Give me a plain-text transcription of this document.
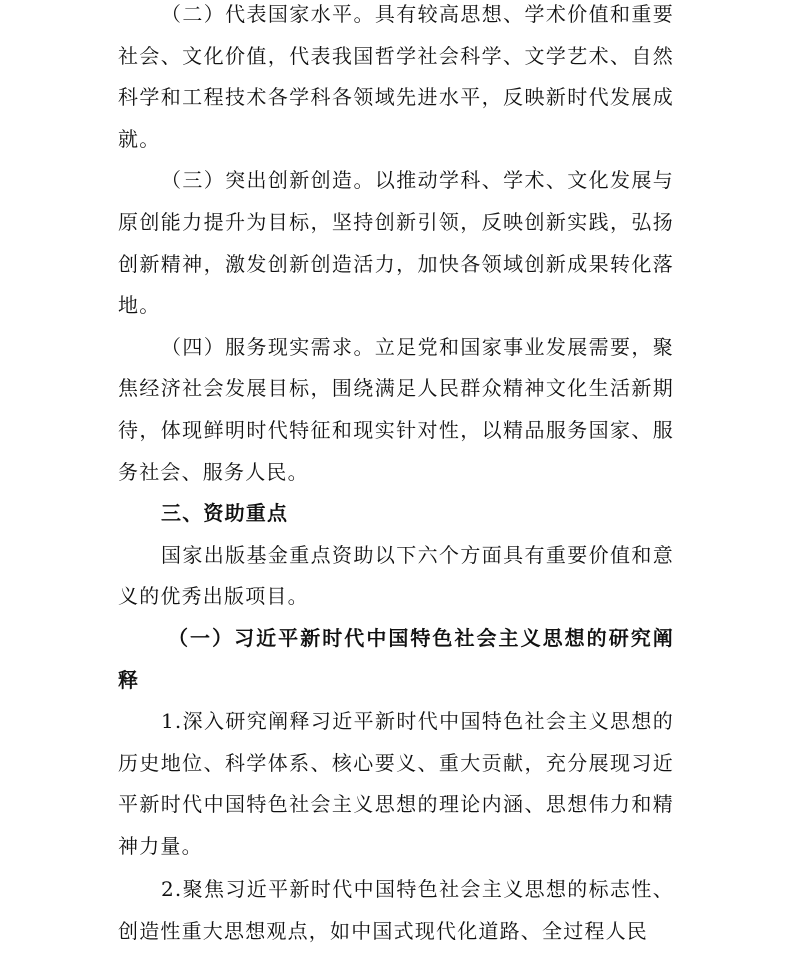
（二）代表国家水平。具有较高思想、学术价值和重要社会、文化价值，代表我国哲学社会科学、文学艺术、自然科学和工程技术各学科各领域先进水平，反映新时代发展成就。

（三）突出创新创造。以推动学科、学术、文化发展与原创能力提升为目标，坚持创新引领，反映创新实践，弘扬创新精神，激发创新创造活力，加快各领域创新成果转化落地。

（四）服务现实需求。立足党和国家事业发展需要，聚焦经济社会发展目标，围绕满足人民群众精神文化生活新期待，体现鲜明时代特征和现实针对性，以精品服务国家、服务社会、服务人民。

三、资助重点

国家出版基金重点资助以下六个方面具有重要价值和意义的优秀出版项目。

（一）习近平新时代中国特色社会主义思想的研究阐释

1.深入研究阐释习近平新时代中国特色社会主义思想的历史地位、科学体系、核心要义、重大贡献，充分展现习近平新时代中国特色社会主义思想的理论内涵、思想伟力和精神力量。

2.聚焦习近平新时代中国特色社会主义思想的标志性、创造性重大思想观点，如中国式现代化道路、全过程人民
